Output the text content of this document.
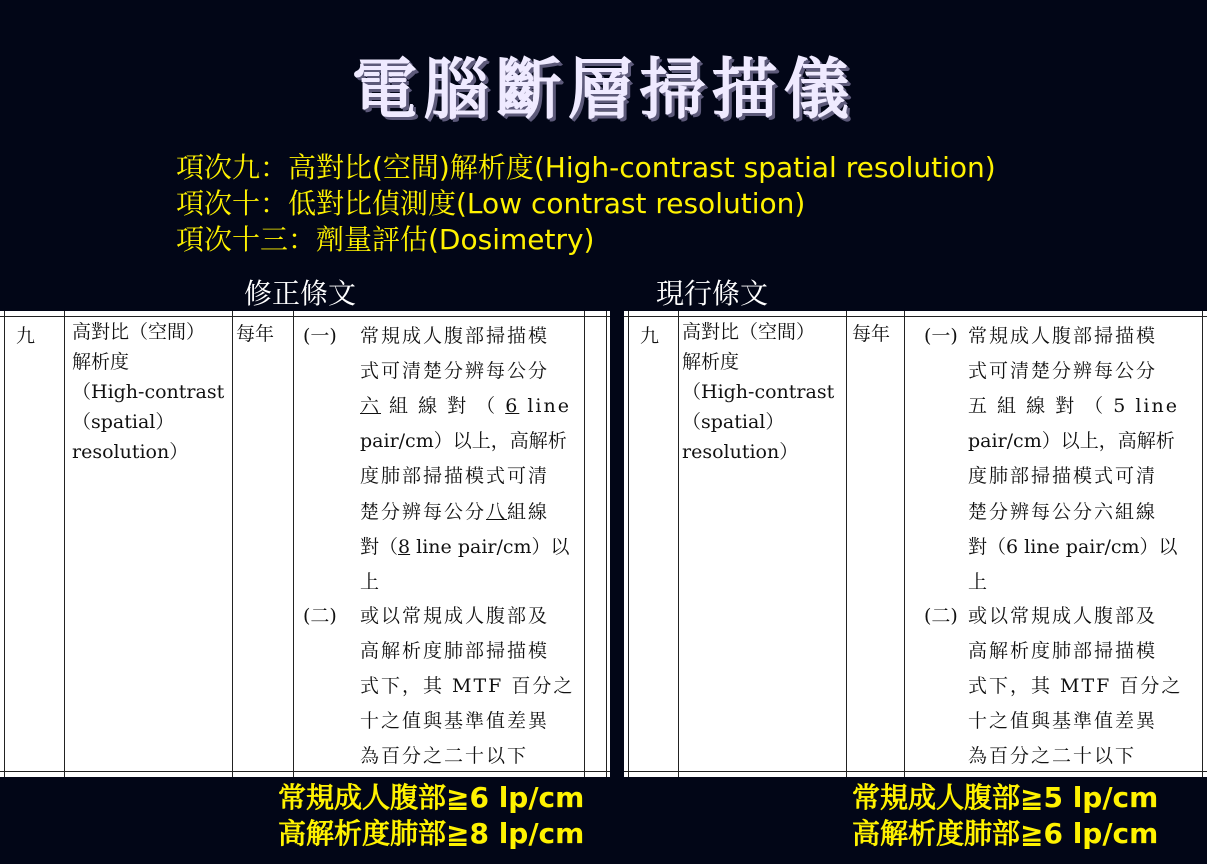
電腦斷層掃描儀
項次九：高對比(空間)解析度(High-contrast spatial resolution)
項次十：低對比偵測度(Low contrast resolution)
項次十三：劑量評估(Dosimetry)
修正條文	現行條文
九 高對比（空間）
解析度
（High-contrast
（spatial）
resolution）
每年 (一) 常規成人腹部掃描模
式可清楚分辨每公分
六 組 線 對 （ 6 line
pair/cm）以上，高解析
度肺部掃描模式可清
楚分辨每公分八組線
對（8 line pair/cm）以
上
(二) 或以常規成人腹部及
高解析度肺部掃描模
式下，其 MTF 百分之
十之值與基準值差異
為百分之二十以下
九 高對比（空間）
解析度
（High-contrast
（spatial）
resolution）
每年 (一) 常規成人腹部掃描模
式可清楚分辨每公分
五 組 線 對 （ 5 line
pair/cm）以上，高解析
度肺部掃描模式可清
楚分辨每公分六組線
對（6 line pair/cm）以
上
(二) 或以常規成人腹部及
高解析度肺部掃描模
式下，其 MTF 百分之
十之值與基準值差異
為百分之二十以下
常規成人腹部≧6 lp/cm
高解析度肺部≧8 lp/cm
常規成人腹部≧5 lp/cm
高解析度肺部≧6 lp/cm
